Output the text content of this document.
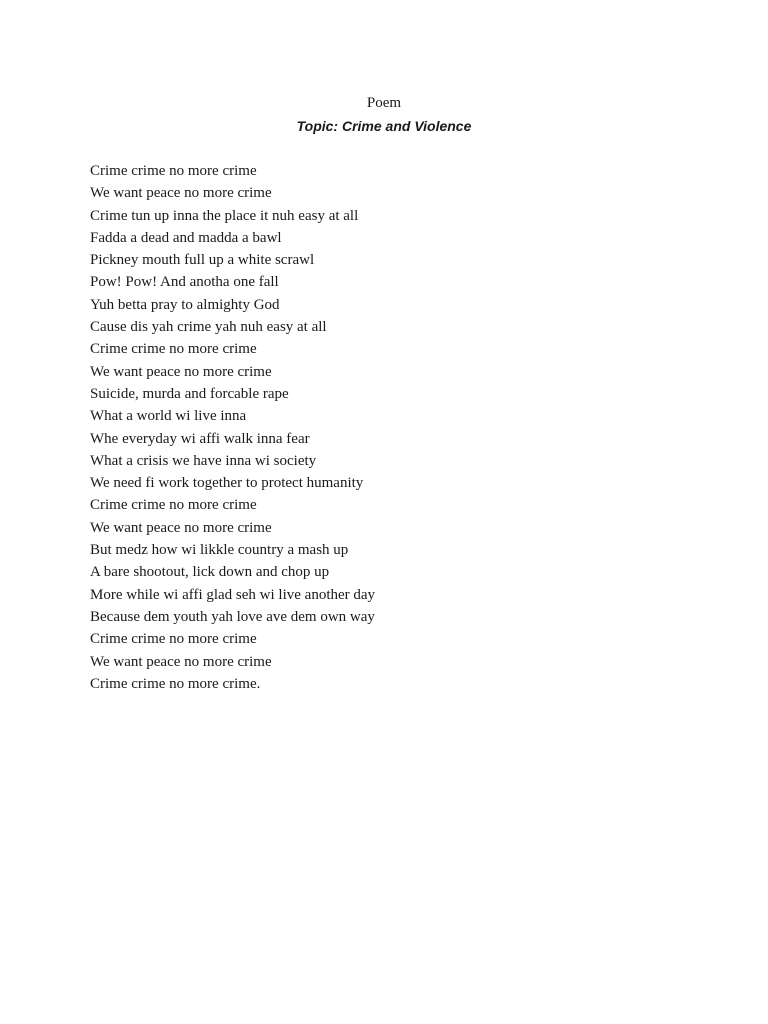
Poem
Topic: Crime and Violence
Crime crime no more crime
We want peace no more crime
Crime tun up inna the place it nuh easy at all
Fadda a dead and madda a bawl
Pickney mouth full up a white scrawl
Pow! Pow! And anotha one fall
Yuh betta pray to almighty God
Cause dis yah crime yah nuh easy at all
Crime crime no more crime
We want peace no more crime
Suicide, murda and forcable rape
What a world wi live inna
Whe everyday wi affi walk inna fear
What a crisis we have inna wi society
We need fi work together to protect humanity
Crime crime no more crime
We want peace no more crime
But medz how wi likkle country a mash up
A bare shootout, lick down and chop up
More while wi affi glad seh wi live another day
Because dem youth yah love ave dem own way
Crime crime no more crime
We want peace no more crime
Crime crime no more crime.
